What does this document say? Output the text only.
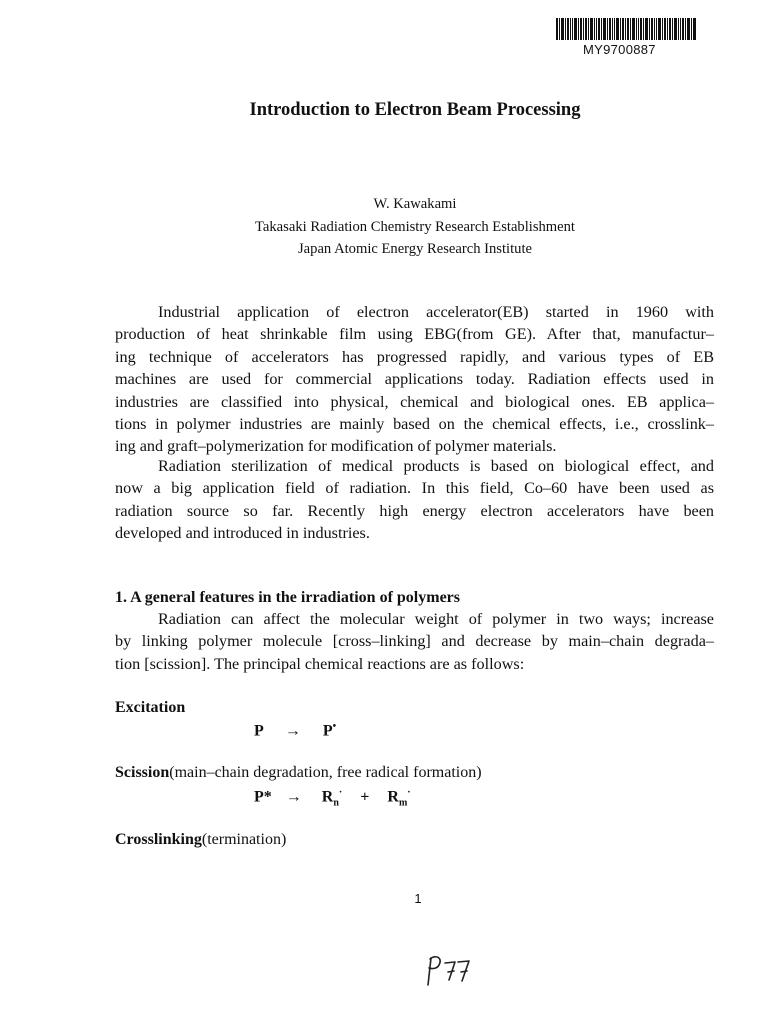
MY9700887
Introduction to Electron Beam Processing
W. Kawakami
Takasaki Radiation Chemistry Research Establishment
Japan Atomic Energy Research Institute
Industrial application of electron accelerator(EB) started in 1960 with
production of heat shrinkable film using EBG(from GE). After that, manufactur–
ing technique of accelerators has progressed rapidly, and various types of EB
machines are used for commercial applications today. Radiation effects used in
industries are classified into physical, chemical and biological ones. EB applica–
tions in polymer industries are mainly based on the chemical effects, i.e., crosslink–
ing and graft–polymerization for modification of polymer materials.
Radiation sterilization of medical products is based on biological effect, and
now a big application field of radiation. In this field, Co–60 have been used as
radiation source so far. Recently high energy electron accelerators have been
developed and introduced in industries.
1. A general features in the irradiation of polymers
Radiation can affect the molecular weight of polymer in two ways; increase
by linking polymer molecule [cross–linking] and decrease by main–chain degrada–
tion [scission]. The principal chemical reactions are as follows:
Excitation
P → P•
Scission(main–chain degradation, free radical formation)
$P* \to R_n^\cdot + R_m^\cdot$
Crosslinking(termination)
1
